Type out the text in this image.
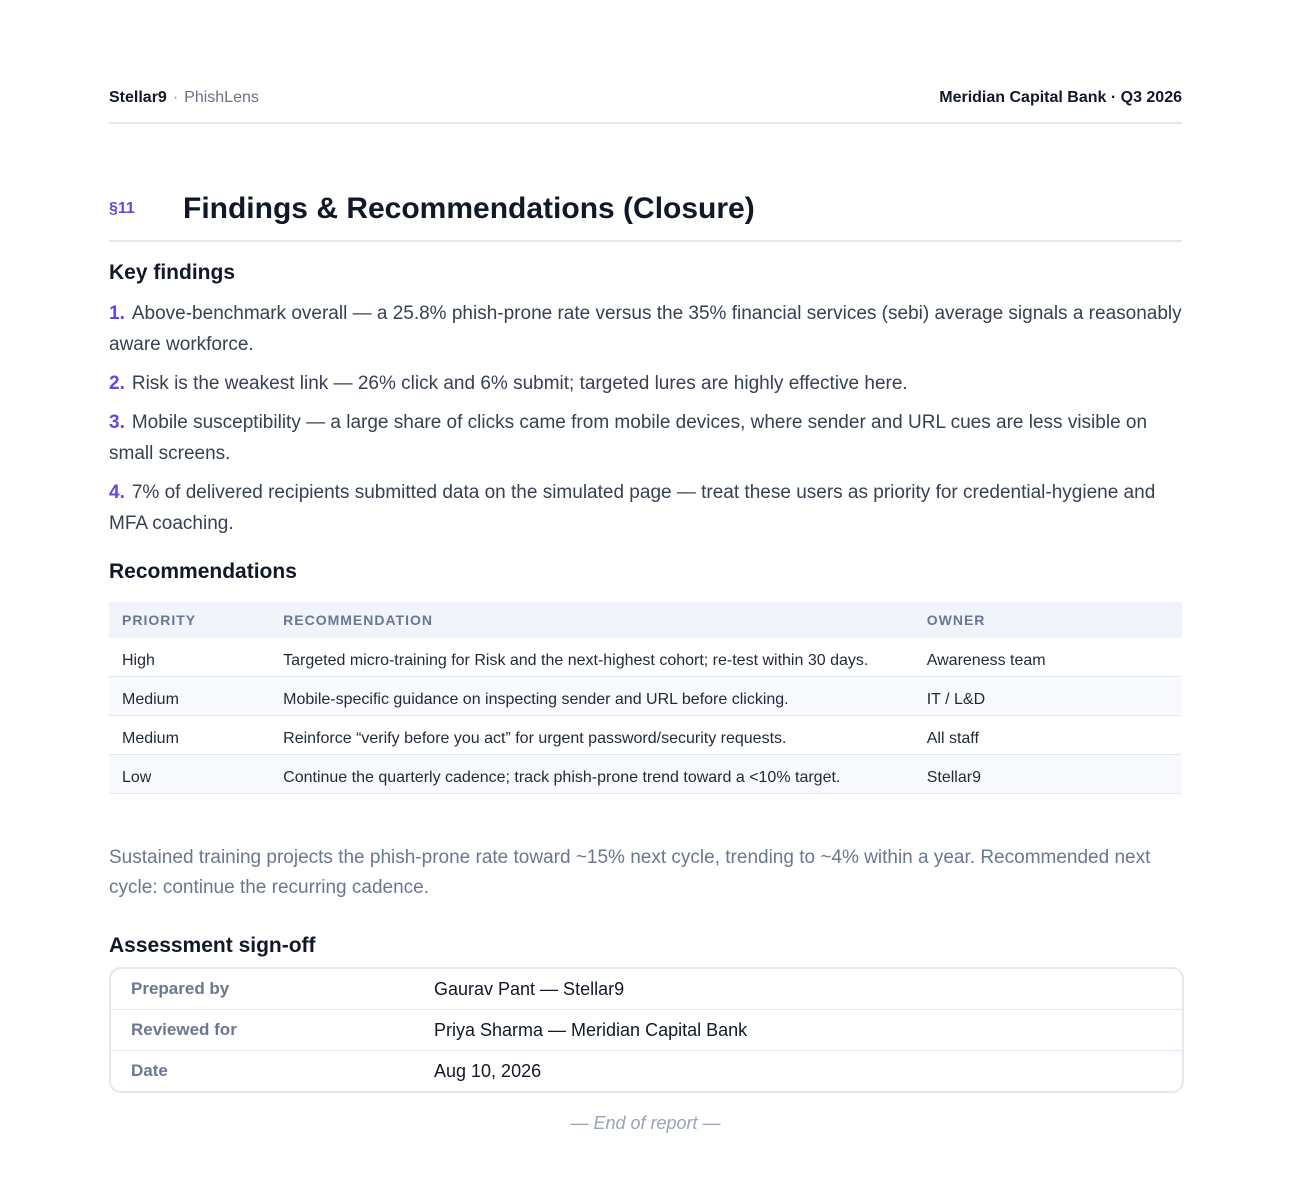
Stellar9 · PhishLens	Meridian Capital Bank · Q3 2026
§11 Findings & Recommendations (Closure)
Key findings
1. Above-benchmark overall — a 25.8% phish-prone rate versus the 35% financial services (sebi) average signals a reasonably aware workforce.
2. Risk is the weakest link — 26% click and 6% submit; targeted lures are highly effective here.
3. Mobile susceptibility — a large share of clicks came from mobile devices, where sender and URL cues are less visible on small screens.
4. 7% of delivered recipients submitted data on the simulated page — treat these users as priority for credential-hygiene and MFA coaching.
Recommendations
PRIORITY	RECOMMENDATION	OWNER
High	Targeted micro-training for Risk and the next-highest cohort; re-test within 30 days.	Awareness team
Medium	Mobile-specific guidance on inspecting sender and URL before clicking.	IT / L&D
Medium	Reinforce “verify before you act” for urgent password/security requests.	All staff
Low	Continue the quarterly cadence; track phish-prone trend toward a <10% target.	Stellar9

Sustained training projects the phish-prone rate toward ~15% next cycle, trending to ~4% within a year. Recommended next cycle: continue the recurring cadence.

Assessment sign-off
Prepared by	Gaurav Pant — Stellar9
Reviewed for	Priya Sharma — Meridian Capital Bank
Date	Aug 10, 2026
— End of report —
